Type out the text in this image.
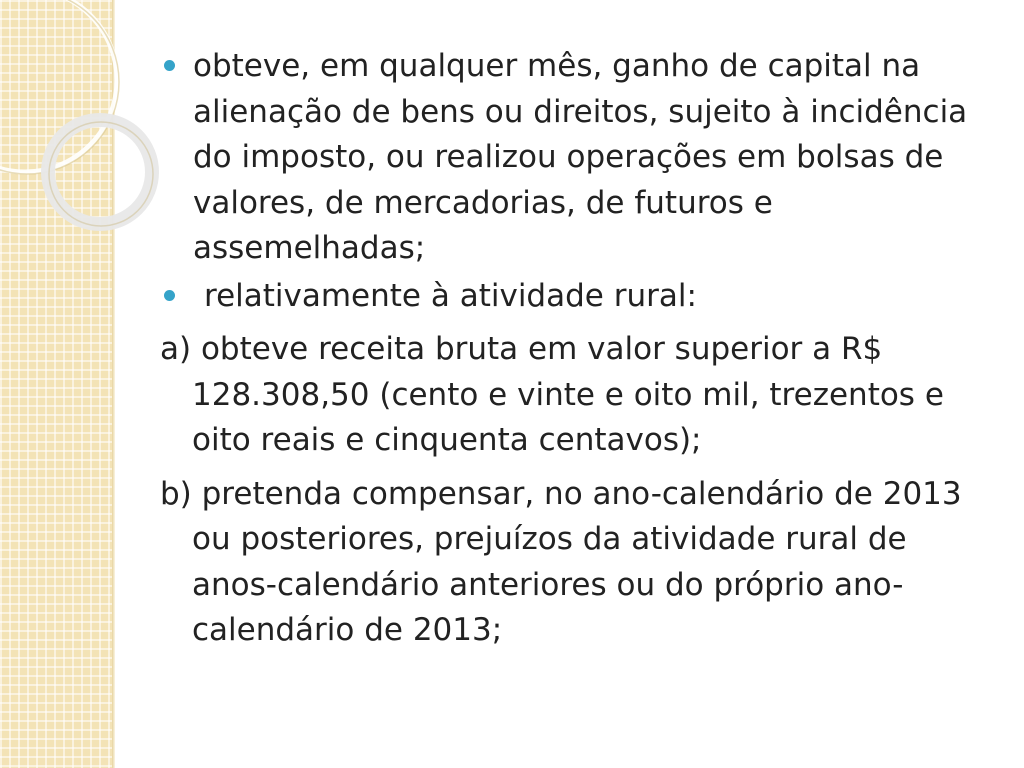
obteve, em qualquer mês, ganho de capital na alienação de bens ou direitos, sujeito à incidência do imposto, ou realizou operações em bolsas de valores, de mercadorias, de futuros e assemelhadas;

relativamente à atividade rural:

a) obteve receita bruta em valor superior a R$ 128.308,50 (cento e vinte e oito mil, trezentos e oito reais e cinquenta centavos);

b) pretenda compensar, no ano-calendário de 2013 ou posteriores, prejuízos da atividade rural de anos-calendário anteriores ou do próprio ano-calendário de 2013;
